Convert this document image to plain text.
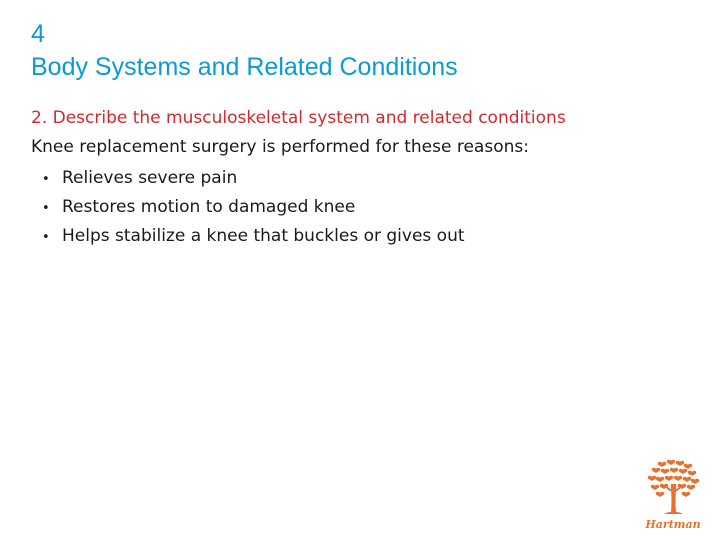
4
Body Systems and Related Conditions

2. Describe the musculoskeletal system and related conditions

Knee replacement surgery is performed for these reasons:

• Relieves severe pain
• Restores motion to damaged knee
• Helps stabilize a knee that buckles or gives out
Hartman
